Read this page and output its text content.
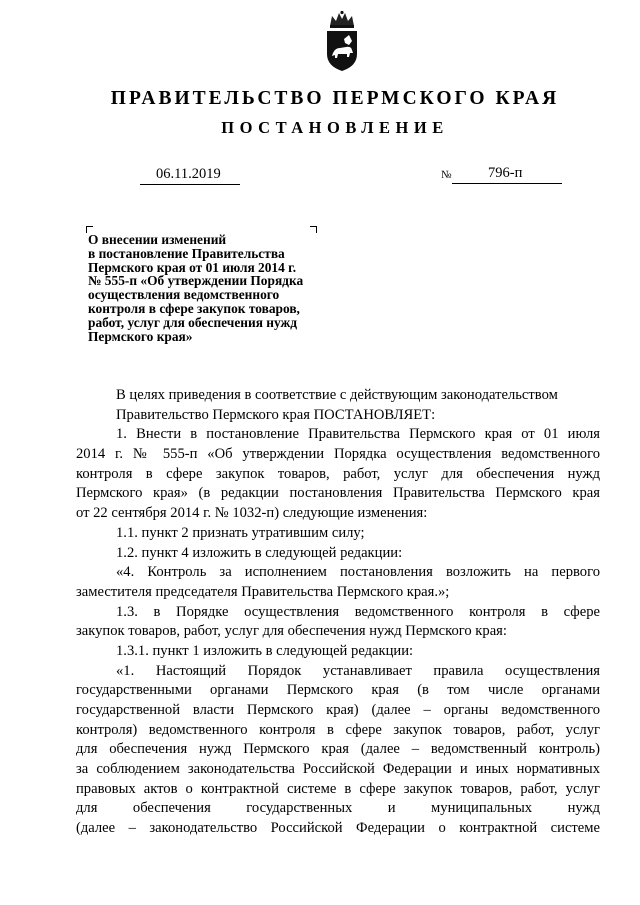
ПРАВИТЕЛЬСТВО ПЕРМСКОГО КРАЯ
ПОСТАНОВЛЕНИЕ
06.11.2019	№	796-п
О внесении изменений
в постановление Правительства
Пермского края от 01 июля 2014 г.
№ 555-п «Об утверждении Порядка
осуществления ведомственного
контроля в сфере закупок товаров,
работ, услуг для обеспечения нужд
Пермского края»
В целях приведения в соответствие с действующим законодательством
Правительство Пермского края ПОСТАНОВЛЯЕТ:
1. Внести в постановление Правительства Пермского края от 01 июля
2014 г. № 555-п «Об утверждении Порядка осуществления ведомственного
контроля в сфере закупок товаров, работ, услуг для обеспечения нужд
Пермского края» (в редакции постановления Правительства Пермского края
от 22 сентября 2014 г. № 1032-п) следующие изменения:
1.1. пункт 2 признать утратившим силу;
1.2. пункт 4 изложить в следующей редакции:
«4. Контроль за исполнением постановления возложить на первого
заместителя председателя Правительства Пермского края.»;
1.3. в Порядке осуществления ведомственного контроля в сфере
закупок товаров, работ, услуг для обеспечения нужд Пермского края:
1.3.1. пункт 1 изложить в следующей редакции:
«1. Настоящий Порядок устанавливает правила осуществления
государственными органами Пермского края (в том числе органами
государственной власти Пермского края) (далее – органы ведомственного
контроля) ведомственного контроля в сфере закупок товаров, работ, услуг
для обеспечения нужд Пермского края (далее – ведомственный контроль)
за соблюдением законодательства Российской Федерации и иных нормативных
правовых актов о контрактной системе в сфере закупок товаров, работ, услуг
для обеспечения государственных и муниципальных нужд
(далее – законодательство Российской Федерации о контрактной системе
